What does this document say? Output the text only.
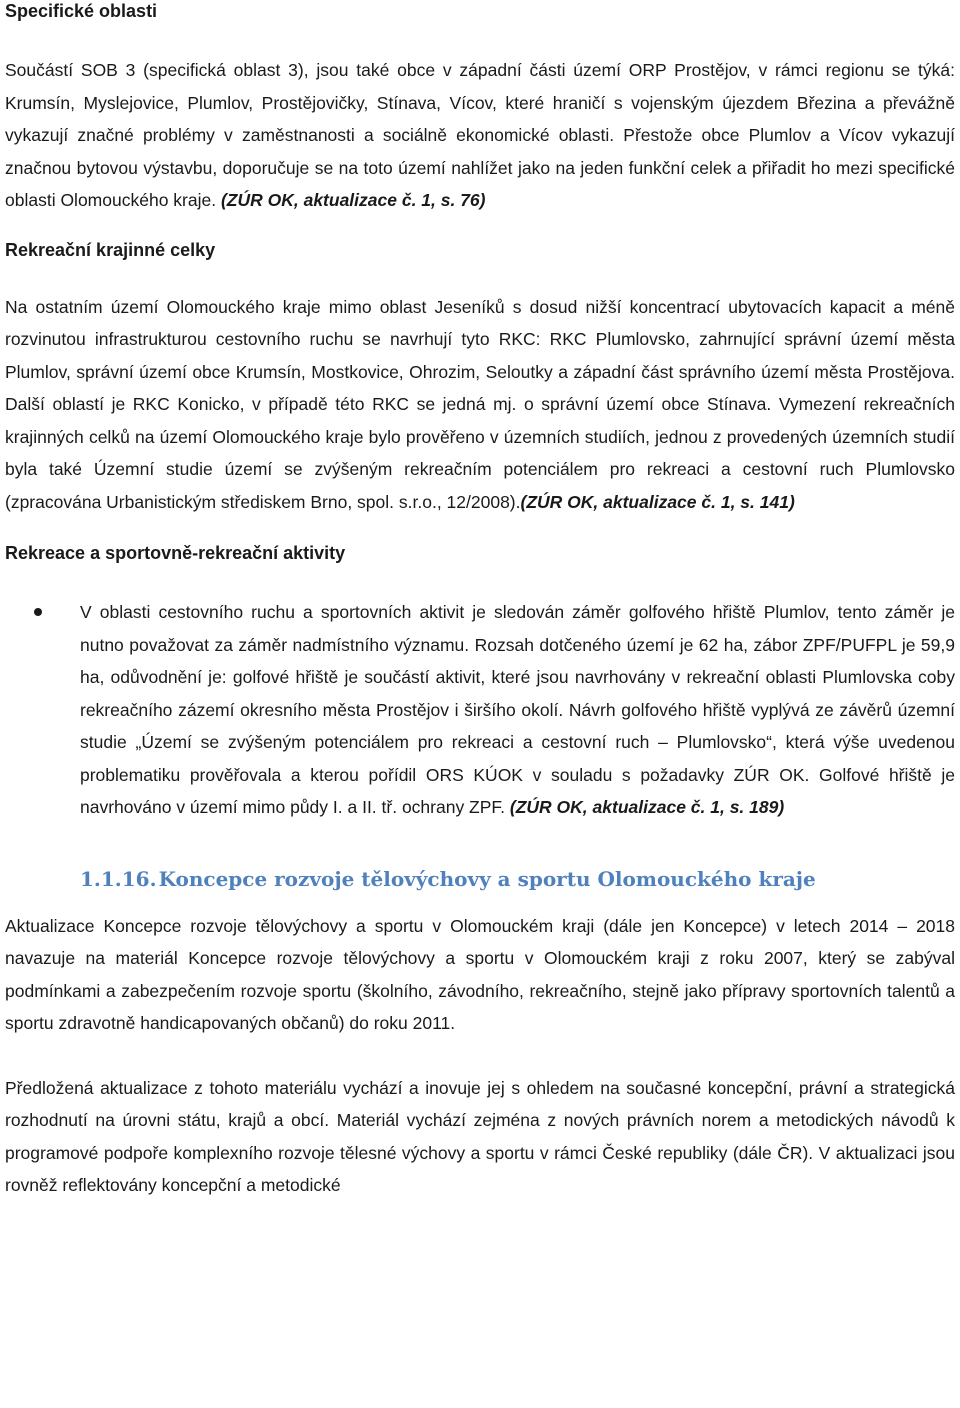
Specifické oblasti

Součástí SOB 3 (specifická oblast 3), jsou také obce v západní části území ORP Prostějov, v rámci regionu se týká: Krumsín, Myslejovice, Plumlov, Prostějovičky, Stínava, Vícov, které hraničí s vojenským újezdem Březina a převážně vykazují značné problémy v zaměstnanosti a sociálně ekonomické oblasti. Přestože obce Plumlov a Vícov vykazují značnou bytovou výstavbu, doporučuje se na toto území nahlížet jako na jeden funkční celek a přiřadit ho mezi specifické oblasti Olomouckého kraje. (ZÚR OK, aktualizace č. 1, s. 76)

Rekreační krajinné celky

Na ostatním území Olomouckého kraje mimo oblast Jeseníků s dosud nižší koncentrací ubytovacích kapacit a méně rozvinutou infrastrukturou cestovního ruchu se navrhují tyto RKC: RKC Plumlovsko, zahrnující správní území města Plumlov, správní území obce Krumsín, Mostkovice, Ohrozim, Seloutky a západní část správního území města Prostějova. Další oblastí je RKC Konicko, v případě této RKC se jedná mj. o správní území obce Stínava. Vymezení rekreačních krajinných celků na území Olomouckého kraje bylo prověřeno v územních studiích, jednou z provedených územních studií byla také Územní studie území se zvýšeným rekreačním potenciálem pro rekreaci a cestovní ruch Plumlovsko (zpracována Urbanistickým střediskem Brno, spol. s.r.o., 12/2008).(ZÚR OK, aktualizace č. 1, s. 141)

Rekreace a sportovně-rekreační aktivity

V oblasti cestovního ruchu a sportovních aktivit je sledován záměr golfového hřiště Plumlov, tento záměr je nutno považovat za záměr nadmístního významu. Rozsah dotčeného území je 62 ha, zábor ZPF/PUFPL je 59,9 ha, odůvodnění je: golfové hřiště je součástí aktivit, které jsou navrhovány v rekreační oblasti Plumlovska coby rekreačního zázemí okresního města Prostějov i širšího okolí. Návrh golfového hřiště vyplývá ze závěrů územní studie „Území se zvýšeným potenciálem pro rekreaci a cestovní ruch – Plumlovsko“, která výše uvedenou problematiku prověřovala a kterou pořídil ORS KÚOK v souladu s požadavky ZÚR OK. Golfové hřiště je navrhováno v území mimo půdy I. a II. tř. ochrany ZPF. (ZÚR OK, aktualizace č. 1, s. 189)

1.1.16. Koncepce rozvoje tělovýchovy a sportu Olomouckého kraje

Aktualizace Koncepce rozvoje tělovýchovy a sportu v Olomouckém kraji (dále jen Koncepce) v letech 2014 – 2018 navazuje na materiál Koncepce rozvoje tělovýchovy a sportu v Olomouckém kraji z roku 2007, který se zabýval podmínkami a zabezpečením rozvoje sportu (školního, závodního, rekreačního, stejně jako přípravy sportovních talentů a sportu zdravotně handicapovaných občanů) do roku 2011.

Předložená aktualizace z tohoto materiálu vychází a inovuje jej s ohledem na současné koncepční, právní a strategická rozhodnutí na úrovni státu, krajů a obcí. Materiál vychází zejména z nových právních norem a metodických návodů k programové podpoře komplexního rozvoje tělesné výchovy a sportu v rámci České republiky (dále ČR). V aktualizaci jsou rovněž reflektovány koncepční a metodické
